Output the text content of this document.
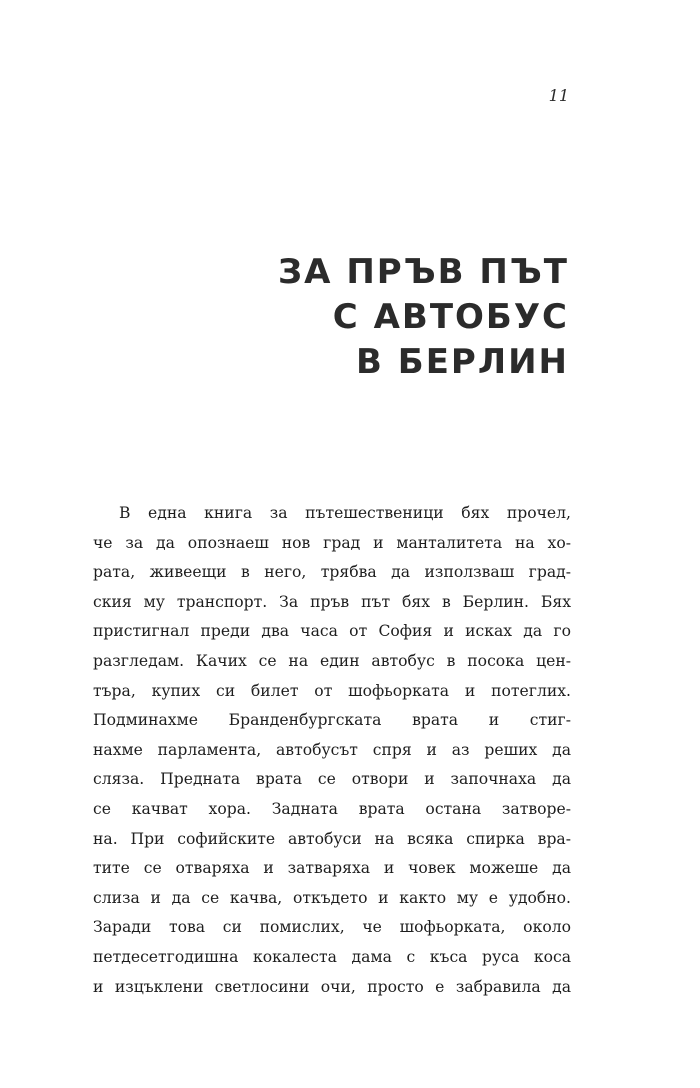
11
ЗА ПРЪВ ПЪТ
С АВТОБУС
В БЕРЛИН
В една книга за пътешественици бях прочел,
че за да опознаеш нов град и манталитета на хо-
рата, живеещи в него, трябва да използваш град-
ския му транспорт. За пръв път бях в Берлин. Бях
пристигнал преди два часа от София и исках да го
разгледам. Качих се на един автобус в посока цен-
търа, купих си билет от шофьорката и потеглих.
Подминахме Бранденбургската врата и стиг-
нахме парламента, автобусът спря и аз реших да
сляза. Предната врата се отвори и започнаха да
се качват хора. Задната врата остана затворе-
на. При софийските автобуси на всяка спирка вра-
тите се отваряха и затваряха и човек можеше да
слиза и да се качва, откъдето и както му е удобно.
Заради това си помислих, че шофьорката, около
петдесетгодишна кокалеста дама с къса руса коса
и изцъклени светлосини очи, просто е забравила да
